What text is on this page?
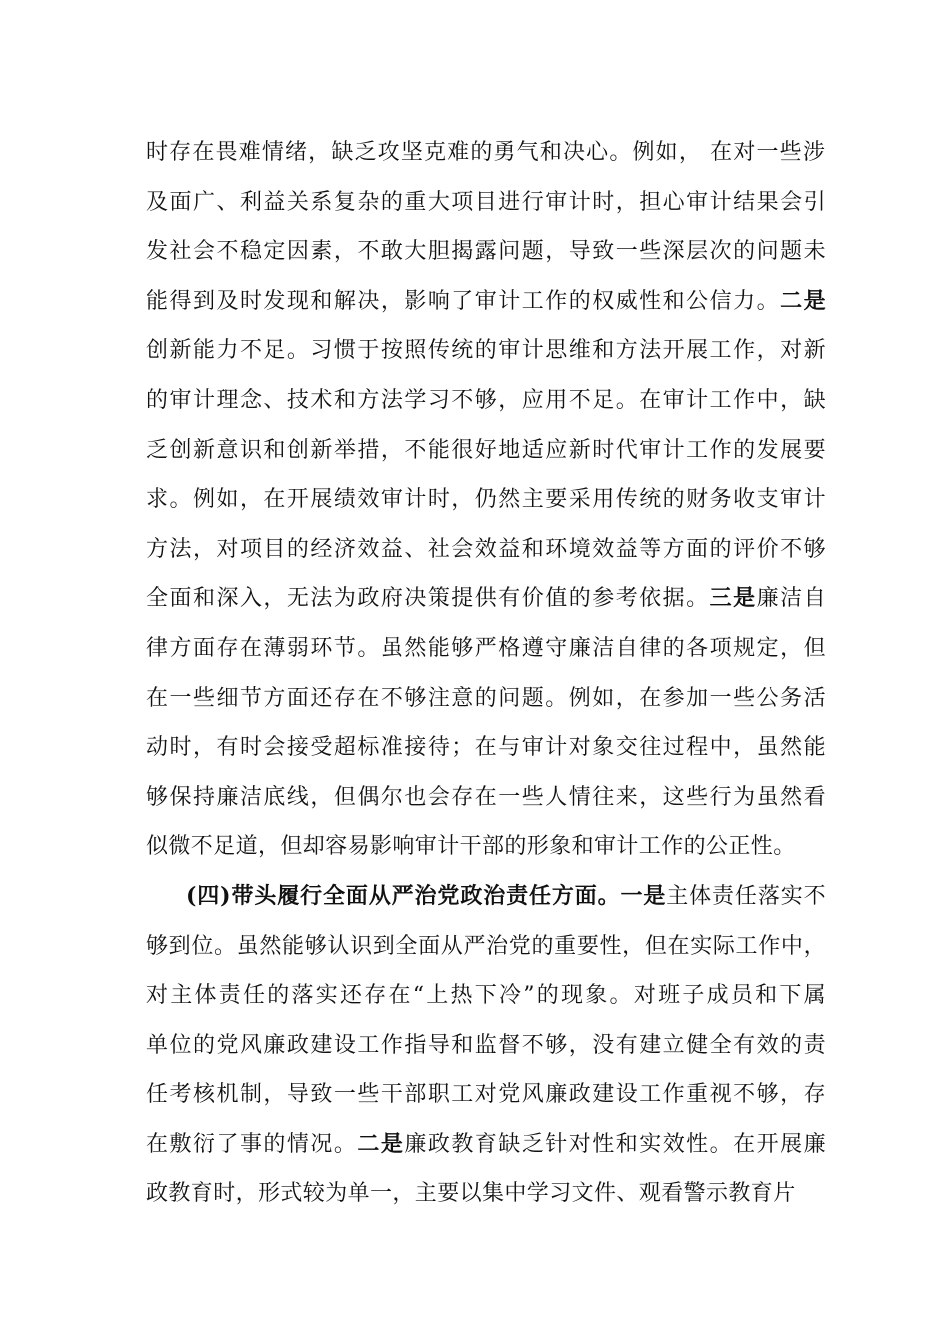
时存在畏难情绪，缺乏攻坚克难的勇气和决心。例如， 在对一些涉
及面广、利益关系复杂的重大项目进行审计时，担心审计结果会引
发社会不稳定因素，不敢大胆揭露问题，导致一些深层次的问题未
能得到及时发现和解决，影响了审计工作的权威性和公信力。二是
创新能力不足。习惯于按照传统的审计思维和方法开展工作，对新
的审计理念、技术和方法学习不够，应用不足。在审计工作中，缺
乏创新意识和创新举措，不能很好地适应新时代审计工作的发展要
求。例如，在开展绩效审计时，仍然主要采用传统的财务收支审计
方法，对项目的经济效益、社会效益和环境效益等方面的评价不够
全面和深入，无法为政府决策提供有价值的参考依据。三是廉洁自
律方面存在薄弱环节。虽然能够严格遵守廉洁自律的各项规定，但
在一些细节方面还存在不够注意的问题。例如，在参加一些公务活
动时，有时会接受超标准接待；在与审计对象交往过程中，虽然能
够保持廉洁底线，但偶尔也会存在一些人情往来，这些行为虽然看
似微不足道，但却容易影响审计干部的形象和审计工作的公正性。
(四)带头履行全面从严治党政治责任方面。一是主体责任落实不
够到位。虽然能够认识到全面从严治党的重要性，但在实际工作中，
对主体责任的落实还存在“上热下冷”的现象。对班子成员和下属
单位的党风廉政建设工作指导和监督不够，没有建立健全有效的责
任考核机制，导致一些干部职工对党风廉政建设工作重视不够，存
在敷衍了事的情况。二是廉政教育缺乏针对性和实效性。在开展廉
政教育时，形式较为单一，主要以集中学习文件、观看警示教育片
